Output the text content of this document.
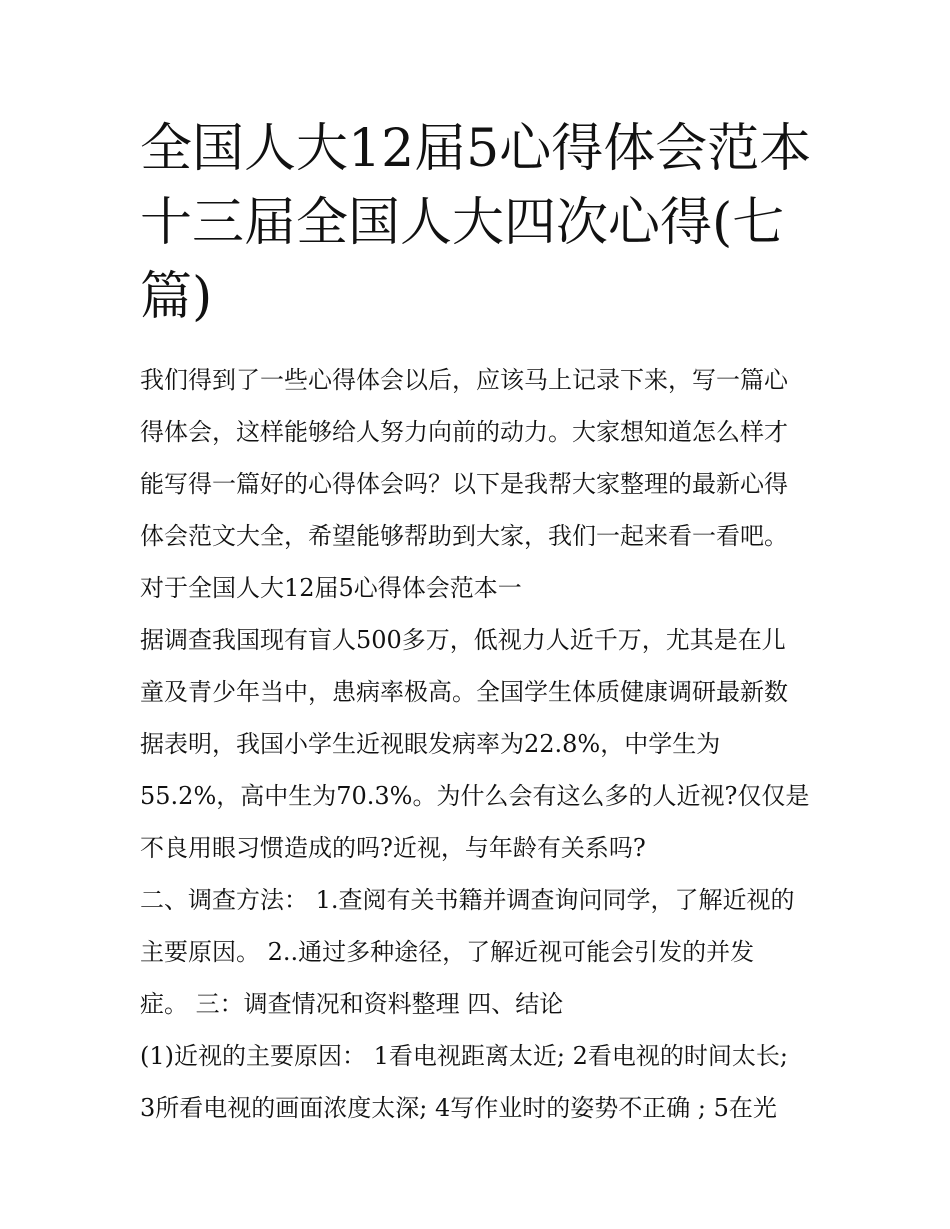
全国人大12届5心得体会范本
十三届全国人大四次心得(七
篇)
我们得到了一些心得体会以后，应该马上记录下来，写一篇心
得体会，这样能够给人努力向前的动力。大家想知道怎么样才
能写得一篇好的心得体会吗？以下是我帮大家整理的最新心得
体会范文大全，希望能够帮助到大家，我们一起来看一看吧。
对于全国人大12届5心得体会范本一
据调查我国现有盲人500多万，低视力人近千万，尤其是在儿
童及青少年当中，患病率极高。全国学生体质健康调研最新数
据表明，我国小学生近视眼发病率为22.8%，中学生为
55.2%，高中生为70.3%。为什么会有这么多的人近视?仅仅是
不良用眼习惯造成的吗?近视，与年龄有关系吗?
二、调查方法： 1.查阅有关书籍并调查询问同学，了解近视的
主要原因。 2..通过多种途径，了解近视可能会引发的并发
症。 三：调查情况和资料整理 四、结论
(1)近视的主要原因： 1看电视距离太近; 2看电视的时间太长;
3所看电视的画面浓度太深; 4写作业时的姿势不正确 ; 5在光
